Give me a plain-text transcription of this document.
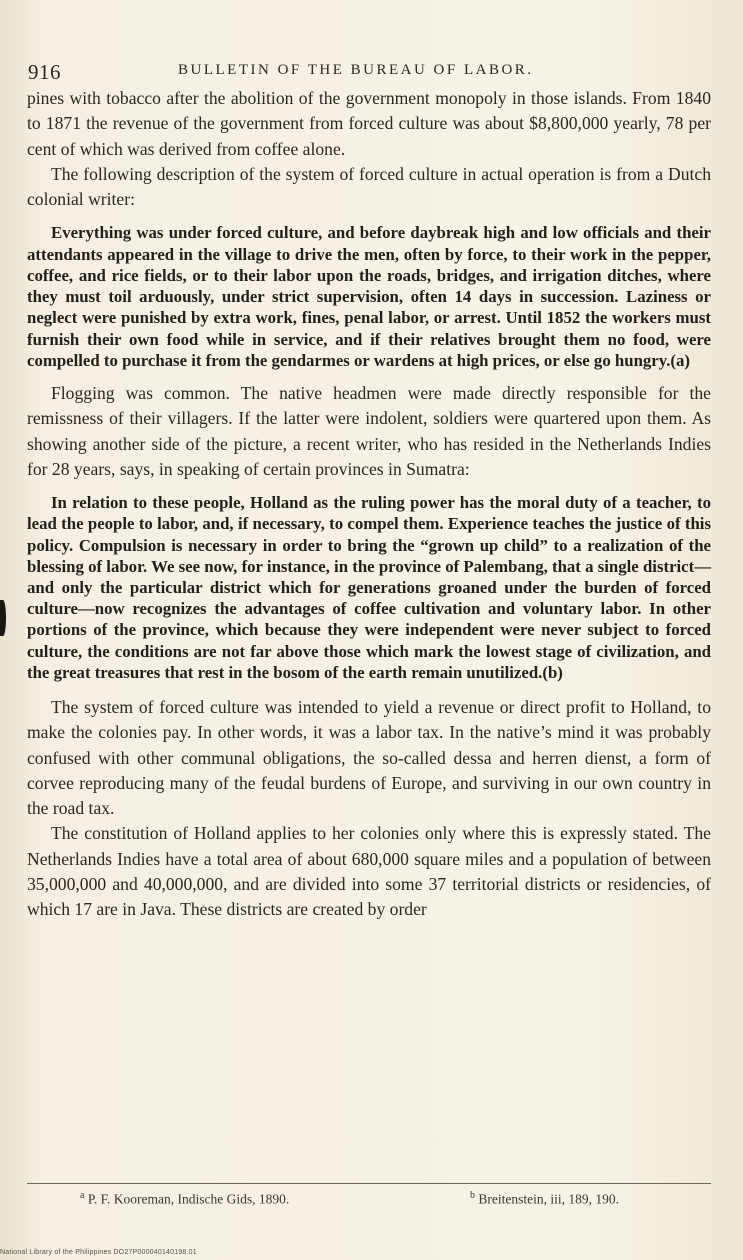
916	BULLETIN OF THE BUREAU OF LABOR.

pines with tobacco after the abolition of the government monopoly in those islands. From 1840 to 1871 the revenue of the government from forced culture was about $8,800,000 yearly, 78 per cent of which was derived from coffee alone.

The following description of the system of forced culture in actual operation is from a Dutch colonial writer:

Everything was under forced culture, and before daybreak high and low officials and their attendants appeared in the village to drive the men, often by force, to their work in the pepper, coffee, and rice fields, or to their labor upon the roads, bridges, and irrigation ditches, where they must toil arduously, under strict supervision, often 14 days in succession. Laziness or neglect were punished by extra work, fines, penal labor, or arrest. Until 1852 the workers must furnish their own food while in service, and if their relatives brought them no food, were compelled to purchase it from the gendarmes or wardens at high prices, or else go hungry.(a)

Flogging was common. The native headmen were made directly responsible for the remissness of their villagers. If the latter were indolent, soldiers were quartered upon them. As showing another side of the picture, a recent writer, who has resided in the Netherlands Indies for 28 years, says, in speaking of certain provinces in Sumatra:

In relation to these people, Holland as the ruling power has the moral duty of a teacher, to lead the people to labor, and, if necessary, to compel them. Experience teaches the justice of this policy. Compulsion is necessary in order to bring the “grown up child” to a realization of the blessing of labor. We see now, for instance, in the province of Palembang, that a single district—and only the particular district which for generations groaned under the burden of forced culture—now recognizes the advantages of coffee cultivation and voluntary labor. In other portions of the province, which because they were independent were never subject to forced culture, the conditions are not far above those which mark the lowest stage of civilization, and the great treasures that rest in the bosom of the earth remain unutilized.(b)

The system of forced culture was intended to yield a revenue or direct profit to Holland, to make the colonies pay. In other words, it was a labor tax. In the native’s mind it was probably confused with other communal obligations, the so-called dessa and herren dienst, a form of corvee reproducing many of the feudal burdens of Europe, and surviving in our own country in the road tax.

The constitution of Holland applies to her colonies only where this is expressly stated. The Netherlands Indies have a total area of about 680,000 square miles and a population of between 35,000,000 and 40,000,000, and are divided into some 37 territorial districts or residencies, of which 17 are in Java. These districts are created by order

$^a$ P. F. Kooreman, Indische Gids, 1890.	$^b$ Breitenstein, iii, 189, 190.
National Library of the Philippines DO27P000040140198.01
